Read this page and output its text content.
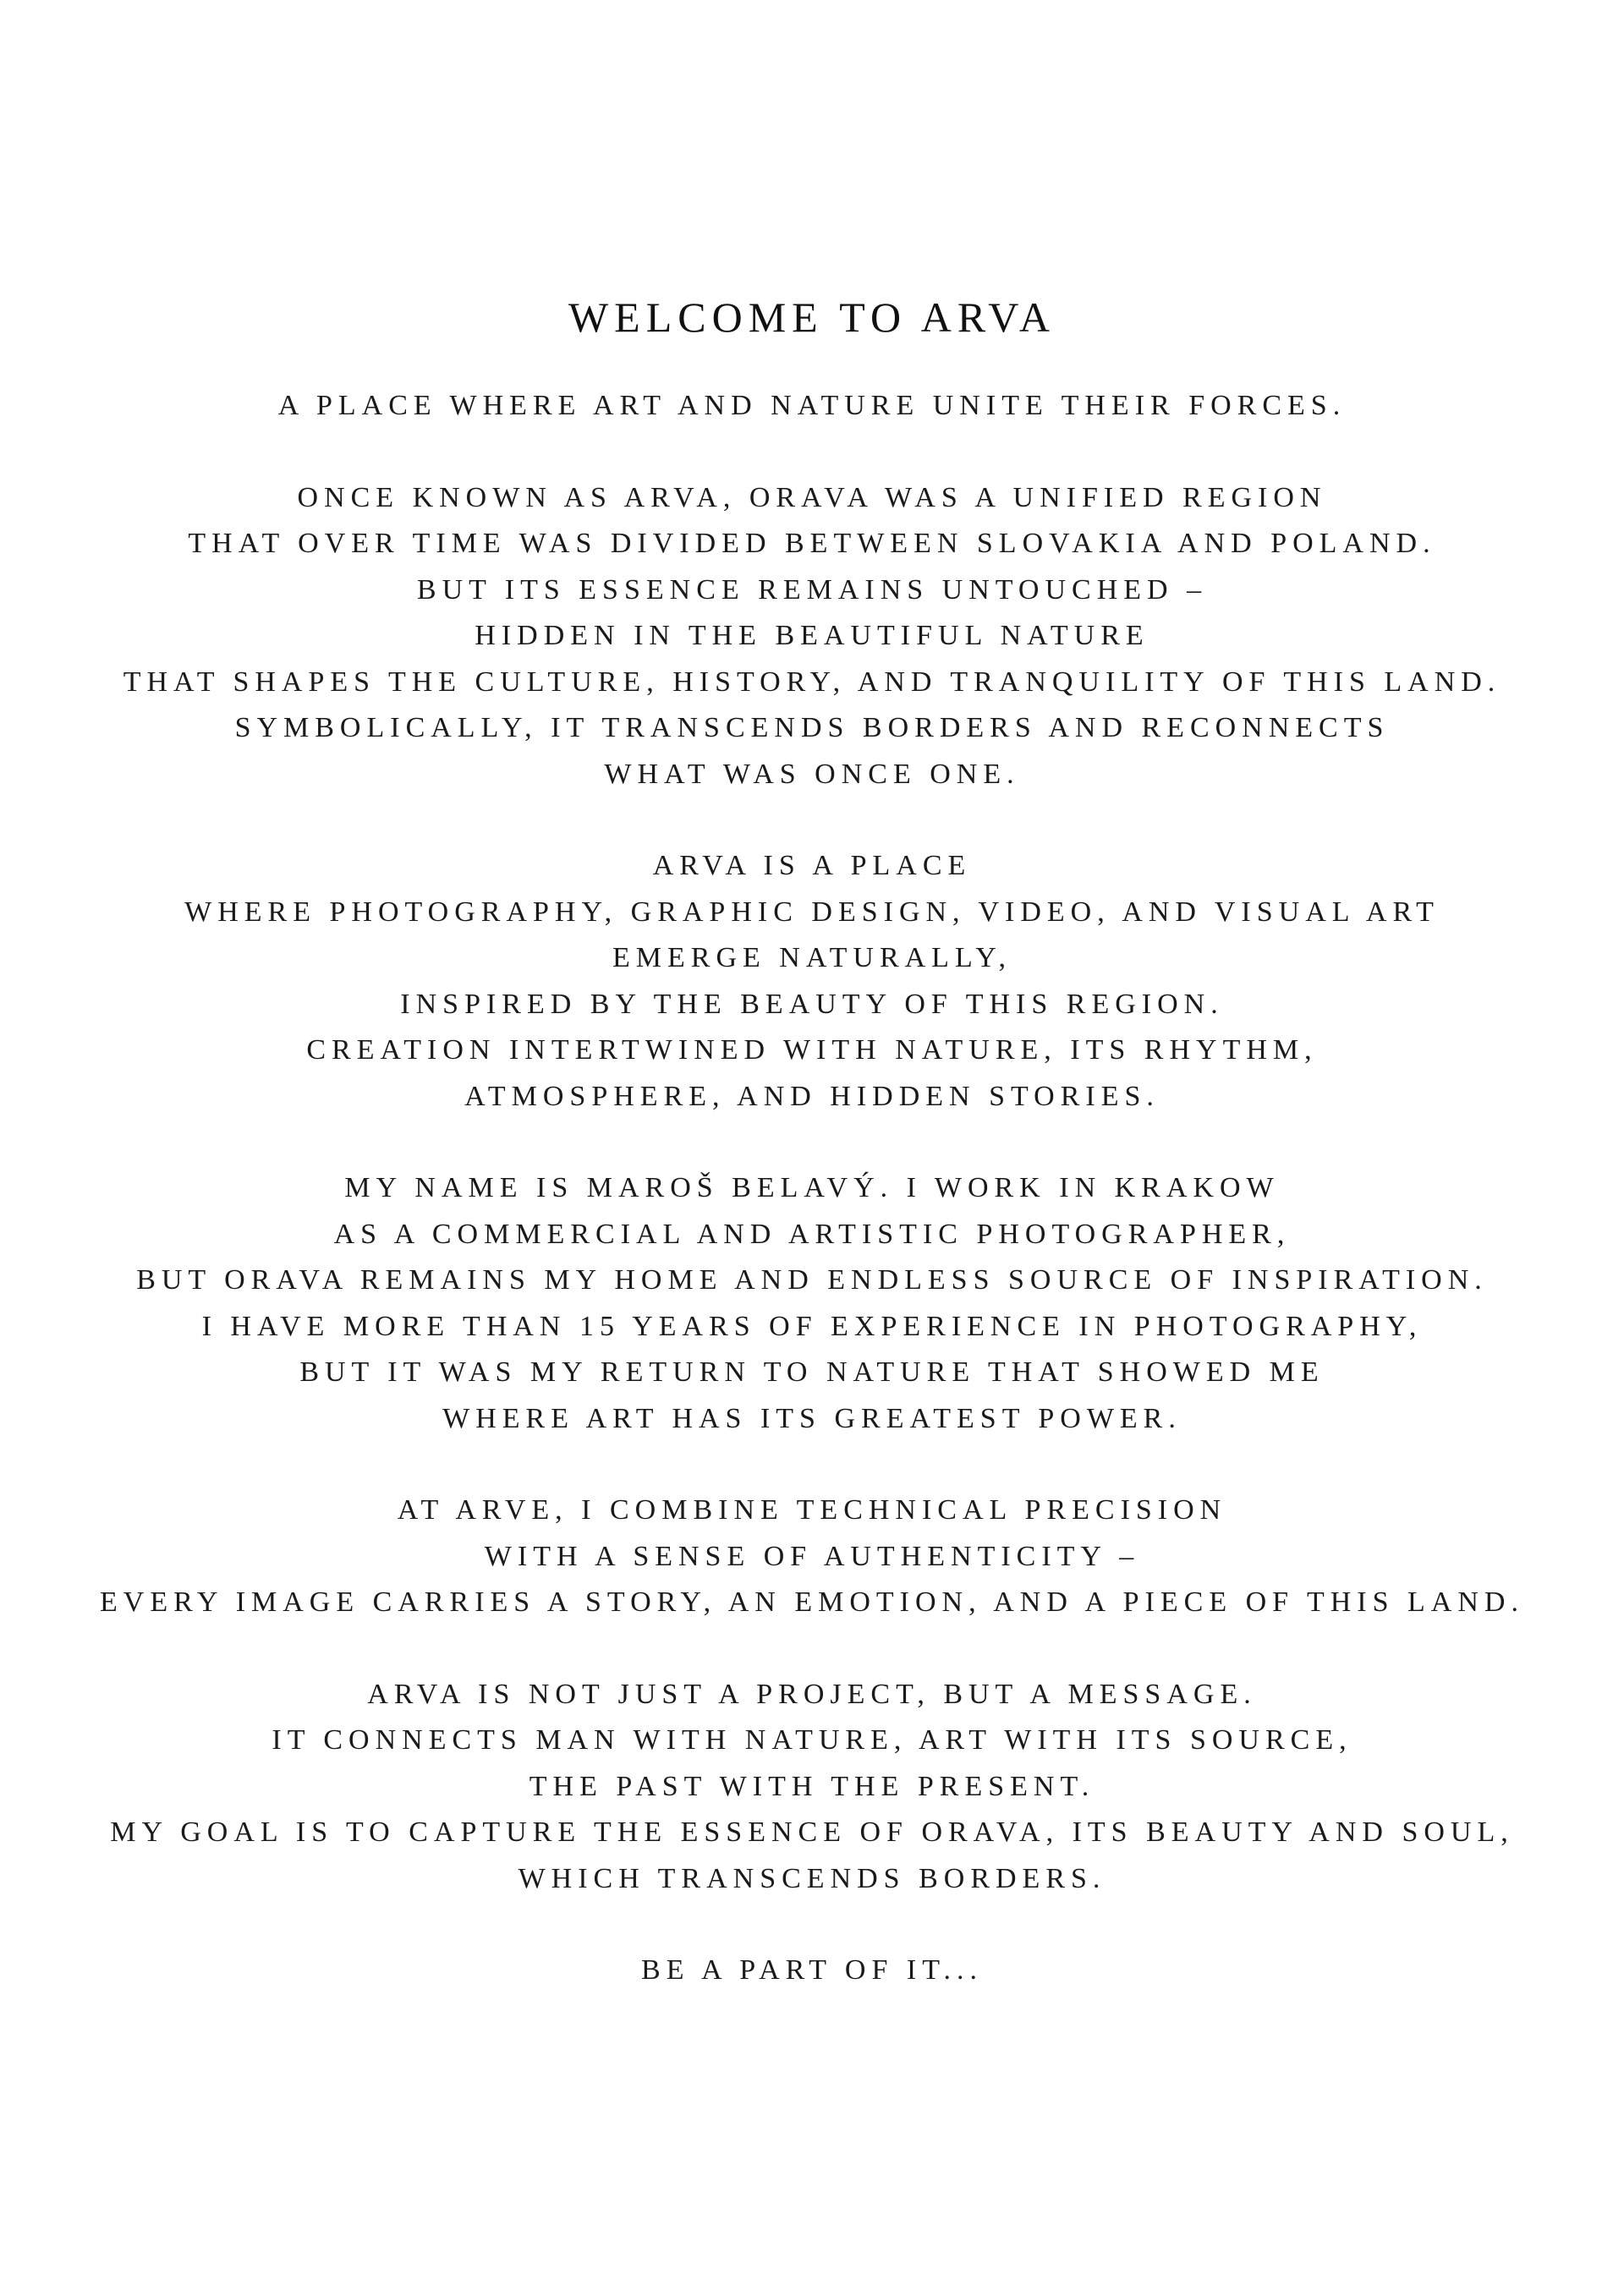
WELCOME TO ARVA

A PLACE WHERE ART AND NATURE UNITE THEIR FORCES.

ONCE KNOWN AS ARVA, ORAVA WAS A UNIFIED REGION
THAT OVER TIME WAS DIVIDED BETWEEN SLOVAKIA AND POLAND.
BUT ITS ESSENCE REMAINS UNTOUCHED –
HIDDEN IN THE BEAUTIFUL NATURE
THAT SHAPES THE CULTURE, HISTORY, AND TRANQUILITY OF THIS LAND.
SYMBOLICALLY, IT TRANSCENDS BORDERS AND RECONNECTS
WHAT WAS ONCE ONE.

ARVA IS A PLACE
WHERE PHOTOGRAPHY, GRAPHIC DESIGN, VIDEO, AND VISUAL ART
EMERGE NATURALLY,
INSPIRED BY THE BEAUTY OF THIS REGION.
CREATION INTERTWINED WITH NATURE, ITS RHYTHM,
ATMOSPHERE, AND HIDDEN STORIES.

MY NAME IS MAROŠ BELAVÝ. I WORK IN KRAKOW
AS A COMMERCIAL AND ARTISTIC PHOTOGRAPHER,
BUT ORAVA REMAINS MY HOME AND ENDLESS SOURCE OF INSPIRATION.
I HAVE MORE THAN 15 YEARS OF EXPERIENCE IN PHOTOGRAPHY,
BUT IT WAS MY RETURN TO NATURE THAT SHOWED ME
WHERE ART HAS ITS GREATEST POWER.

AT ARVE, I COMBINE TECHNICAL PRECISION
WITH A SENSE OF AUTHENTICITY –
EVERY IMAGE CARRIES A STORY, AN EMOTION, AND A PIECE OF THIS LAND.

ARVA IS NOT JUST A PROJECT, BUT A MESSAGE.
IT CONNECTS MAN WITH NATURE, ART WITH ITS SOURCE,
THE PAST WITH THE PRESENT.
MY GOAL IS TO CAPTURE THE ESSENCE OF ORAVA, ITS BEAUTY AND SOUL,
WHICH TRANSCENDS BORDERS.

BE A PART OF IT...
